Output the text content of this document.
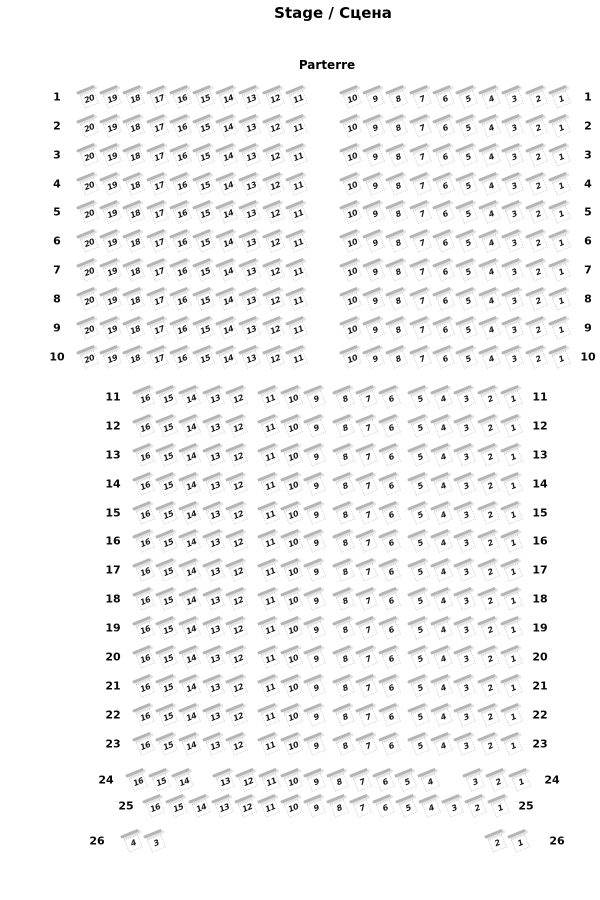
Stage / Сцена
Parterre
1	1
20 19 18 17 16 15 14 13 12 11	10 9 8 7 6 5 4 3 2 1
2	2
20 19 18 17 16 15 14 13 12 11	10 9 8 7 6 5 4 3 2 1
3	3
20 19 18 17 16 15 14 13 12 11	10 9 8 7 6 5 4 3 2 1
4	4
20 19 18 17 16 15 14 13 12 11	10 9 8 7 6 5 4 3 2 1
5	5
20 19 18 17 16 15 14 13 12 11	10 9 8 7 6 5 4 3 2 1
6	6
20 19 18 17 16 15 14 13 12 11	10 9 8 7 6 5 4 3 2 1
7	7
20 19 18 17 16 15 14 13 12 11	10 9 8 7 6 5 4 3 2 1
8	8
20 19 18 17 16 15 14 13 12 11	10 9 8 7 6 5 4 3 2 1
9	9
20 19 18 17 16 15 14 13 12 11	10 9 8 7 6 5 4 3 2 1
10	10
20 19 18 17 16 15 14 13 12 11	10 9 8 7 6 5 4 3 2 1
11	11
16 15 14 13 12 11 10 9	8 7 6	5 4 3 2 1
12	12
16 15 14 13 12 11 10 9	8 7 6	5 4 3 2 1
13	13
16 15 14 13 12 11 10 9	8 7 6	5 4 3 2 1
14	14
16 15 14 13 12 11 10 9	8 7 6	5 4 3 2 1
15	15
16 15 14 13 12 11 10 9	8 7 6	5 4 3 2 1
16	16
16 15 14 13 12 11 10 9	8 7 6	5 4 3 2 1
17	17
16 15 14 13 12 11 10 9	8 7 6	5 4 3 2 1
18	18
16 15 14 13 12 11 10 9	8 7 6	5 4 3 2 1
19	19
16 15 14 13 12 11 10 9	8 7 6	5 4 3 2 1
20	20
16 15 14 13 12 11 10 9	8 7 6	5 4 3 2 1
21	21
16 15 14 13 12 11 10 9	8 7 6	5 4 3 2 1
22	22
16 15 14 13 12 11 10 9	8 7 6	5 4 3 2 1
23	23
16 15 14 13 12 11 10 9	8 7 6	5 4 3 2 1
24	24
16 15 14	13 12 11 10 9 8 7 6 5 4	3 2 1
25	25
16 15 14 13 12 11 10 9 8 7 6 5 4 3 2 1
26	26
4 3	2 1
